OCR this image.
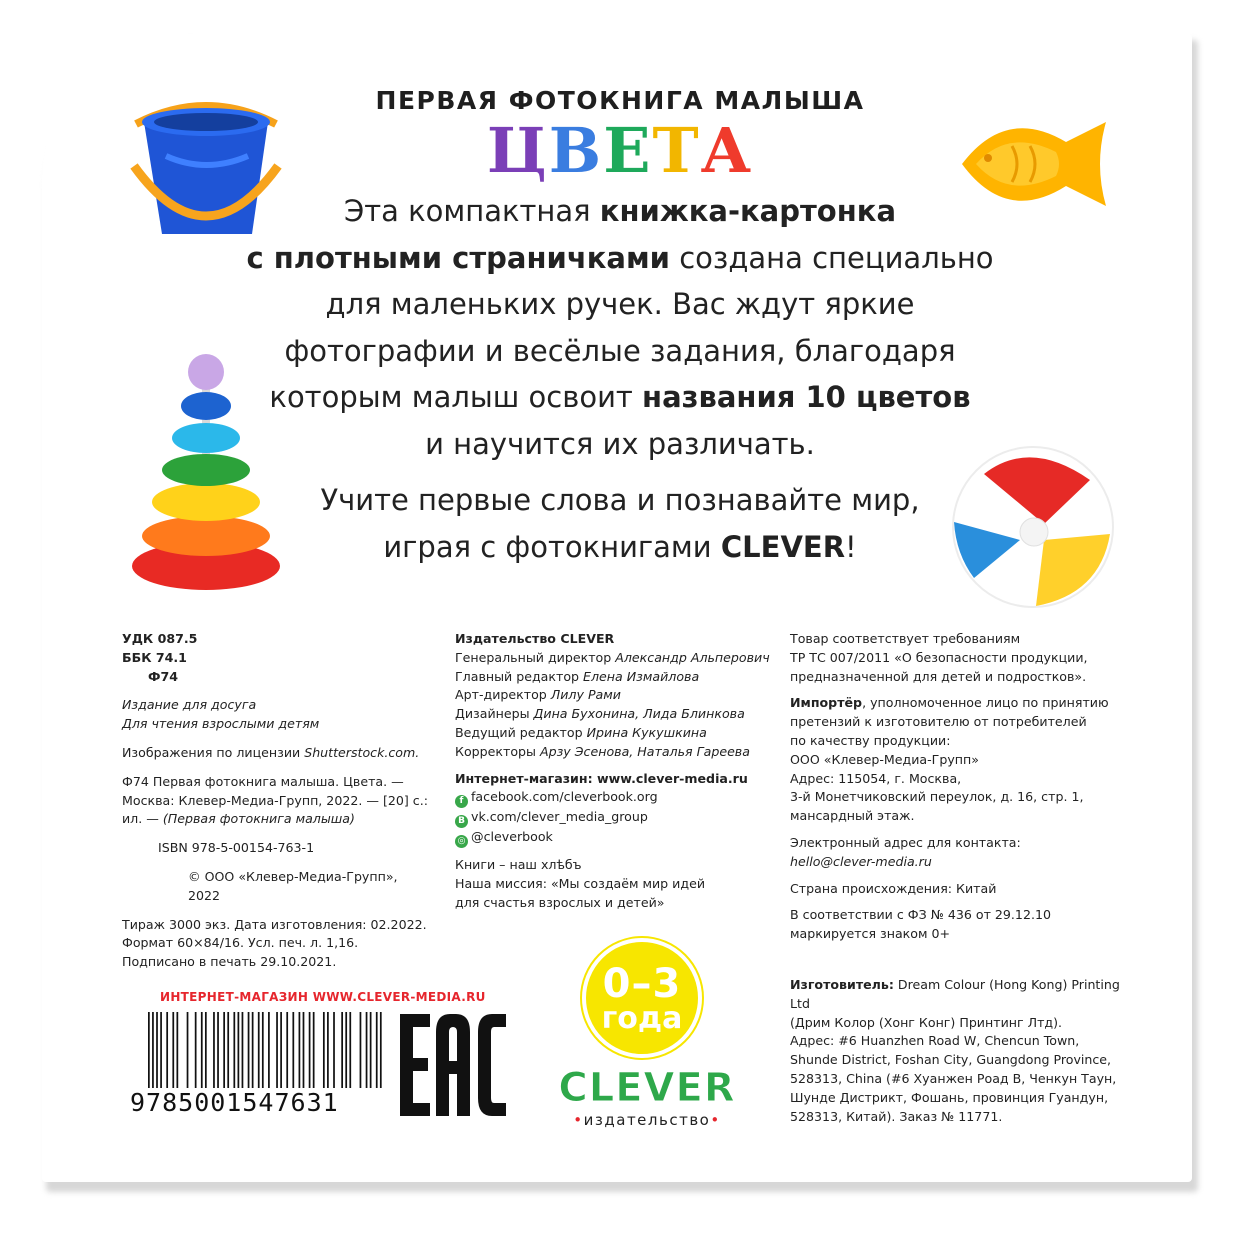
ПЕРВАЯ ФОТОКНИГА МАЛЫША
ЦВЕТА
Эта компактная книжка-картонка
с плотными страничками создана специально
для маленьких ручек. Вас ждут яркие
фотографии и весёлые задания, благодаря
которым малыш освоит названия 10 цветов
и научится их различать.
Учите первые слова и познавайте мир,
играя с фотокнигами CLEVER!

УДК 087.5

ББК 74.1

Ф74

Издание для досуга

Для чтения взрослыми детям

Изображения по лицензии Shutterstock.com.

Ф74 Первая фотокнига малыша. Цвета. —

Москва: Клевер-Медиа-Групп, 2022. — [20] с.:

ил. — (Первая фотокнига малыша)

ISBN 978-5-00154-763-1

© ООО «Клевер-Медиа-Групп», 2022

Тираж 3000 экз. Дата изготовления: 02.2022.

Формат 60×84/16. Усл. печ. л. 1,16.

Подписано в печать 29.10.2021.

Издательство CLEVER

Генеральный директор Александр Альперович

Главный редактор Елена Измайлова

Арт-директор Лилу Рами

Дизайнеры Дина Бухонина, Лида Блинкова

Ведущий редактор Ирина Кукушкина

Корректоры Арзу Эсенова, Наталья Гареева

Интернет-магазин: www.clever-media.ru

f facebook.com/cleverbook.org

В vk.com/clever_media_group

◎ @cleverbook

Книги – наш хлѣбъ

Наша миссия: «Мы создаём мир идей

для счастья взрослых и детей»

Товар соответствует требованиям

ТР ТС 007/2011 «О безопасности продукции,

предназначенной для детей и подростков».

Импортёр, уполномоченное лицо по принятию

претензий к изготовителю от потребителей

по качеству продукции:

ООО «Клевер-Медиа-Групп»

Адрес: 115054, г. Москва,

3-й Монетчиковский переулок, д. 16, стр. 1,

мансардный этаж.

Электронный адрес для контакта:

hello@clever-media.ru

Страна происхождения: Китай

В соответствии с ФЗ № 436 от 29.12.10

маркируется знаком 0+

Изготовитель: Dream Colour (Hong Kong) Printing Ltd

(Дрим Колор (Хонг Конг) Принтинг Лтд).

Адрес: #6 Huanzhen Road W, Chencun Town,

Shunde District, Foshan City, Guangdong Province,

528313, China (#6 Хуанжен Роад В, Ченкун Таун,

Шунде Дистрикт, Фошань, провинция Гуандун,

528313, Китай). Заказ № 11771.

ИНТЕРНЕТ-МАГАЗИН WWW.CLEVER-MEDIA.RU
9785001547631
0–3
года
CLEVER
•издательство•
